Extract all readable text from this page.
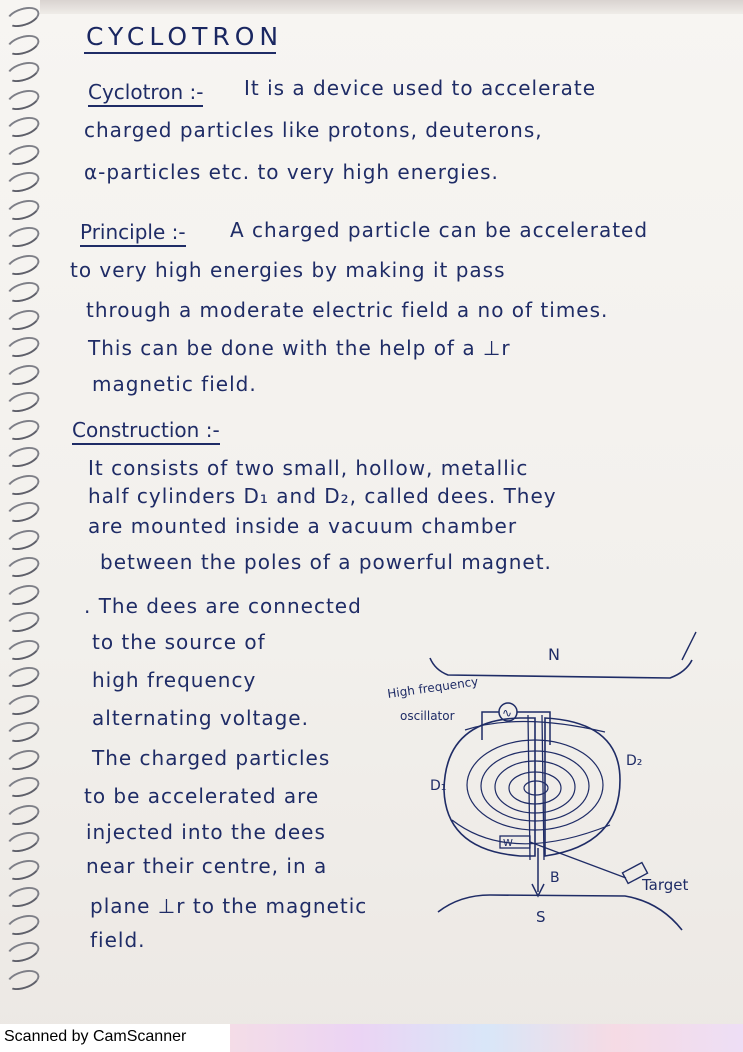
CYCLOTRON
Cyclotron :- It is a device used to accelerate
charged particles like protons, deuterons,
α-particles etc. to very high energies.
Principle :- A charged particle can be accelerated
to very high energies by making it pass
through a moderate electric field a no of times.
This can be done with the help of a ⊥r
magnetic field.
Construction :-
It consists of two small, hollow, metallic
half cylinders D₁ and D₂, called dees. They
are mounted inside a vacuum chamber
between the poles of a powerful magnet.
. The dees are connected
to the source of
high frequency
alternating voltage.
The charged particles
to be accelerated are
injected into the dees
near their centre, in a
plane ⊥r to the magnetic
field.
N
High frequency
oscillator	∿
D₁
D₂
W
Target
B
S
Scanned by CamScanner
